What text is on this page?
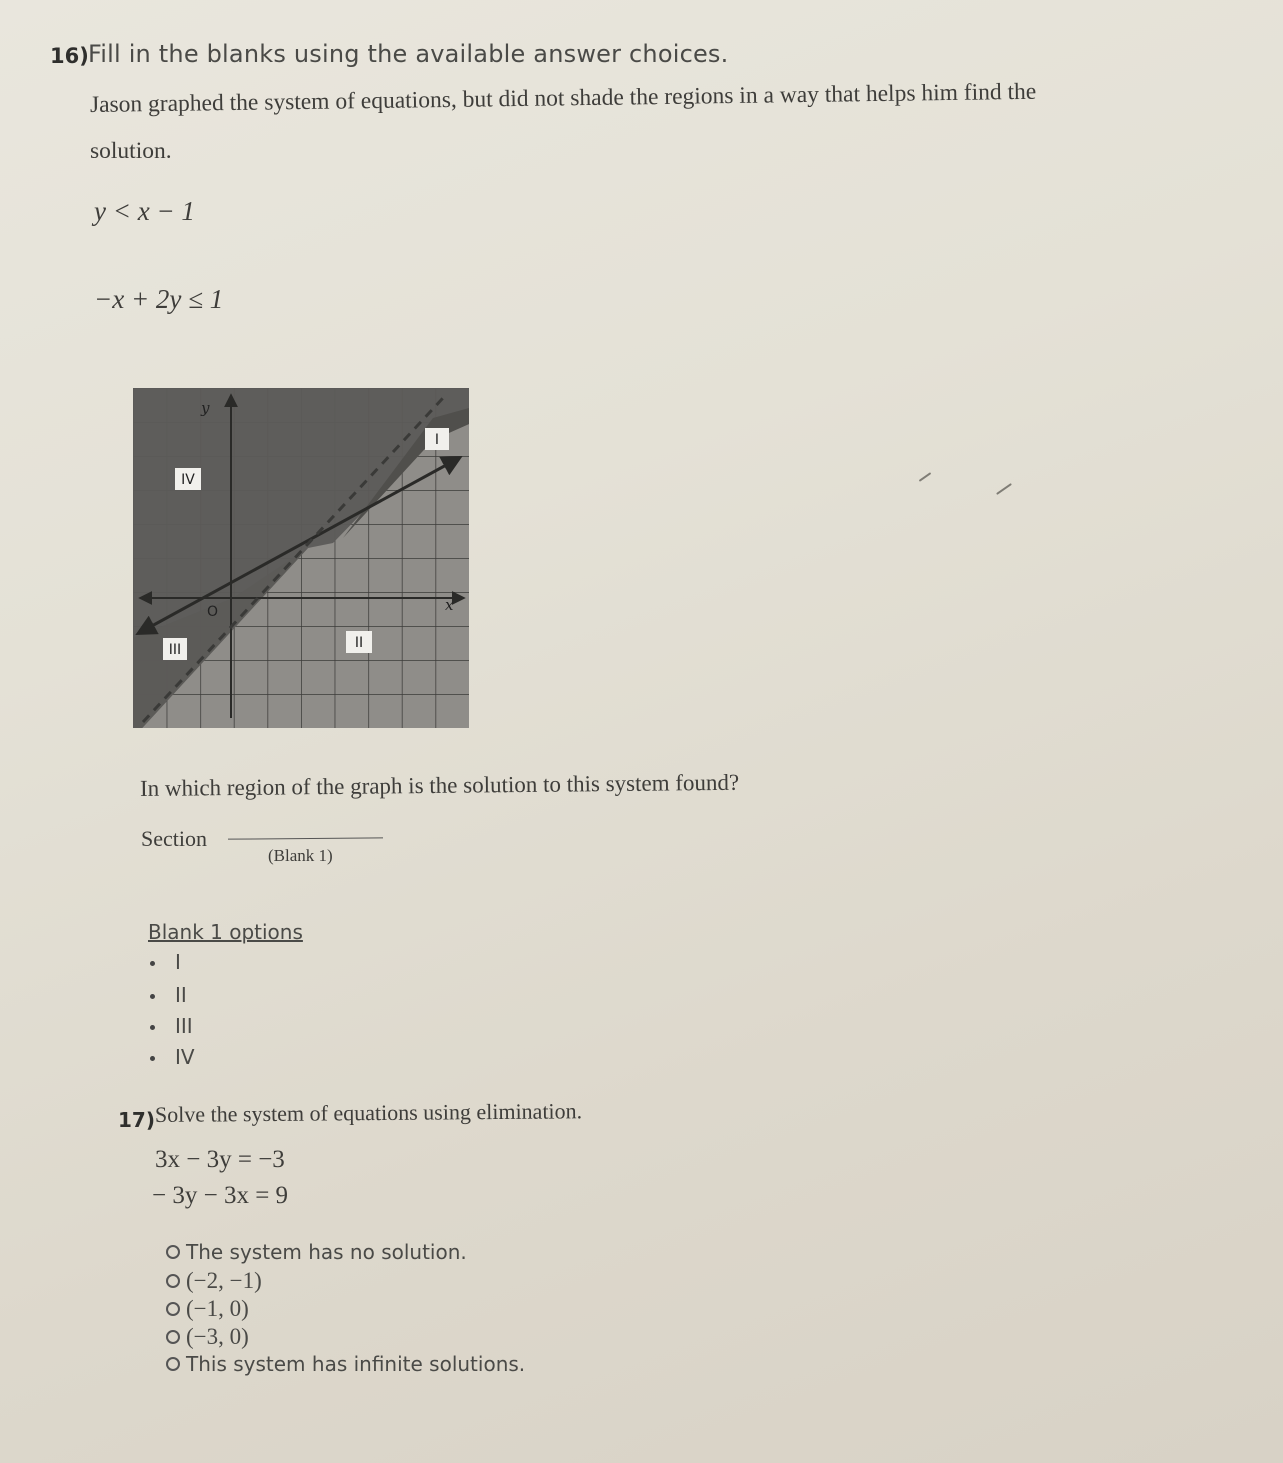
16) Fill in the blanks using the available answer choices.
Jason graphed the system of equations, but did not shade the regions in a way that helps him find the
solution.
y < x − 1
−x + 2y ≤ 1
y
x
O
I
II
III
IV
In which region of the graph is the solution to this system found?
Section
(Blank 1)
Blank 1 options
I
II
III
IV
17) Solve the system of equations using elimination.
3x − 3y = −3
− 3y − 3x = 9
The system has no solution.
(−2, −1)
(−1, 0)
(−3, 0)
This system has infinite solutions.
